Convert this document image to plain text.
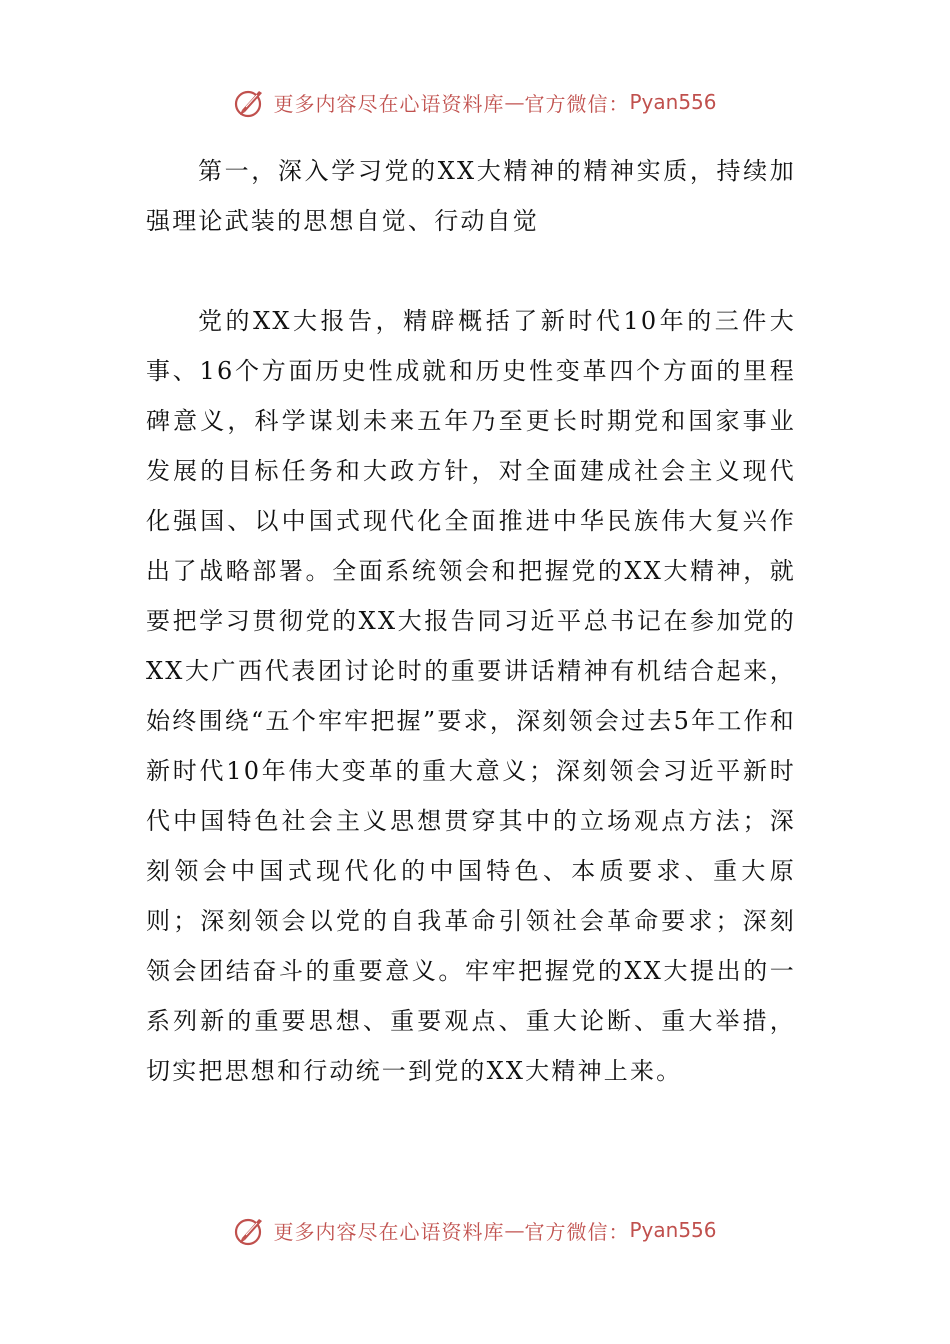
更多内容尽在心语资料库 — 官方微信： Pyan556

第一，深入学习党的XX大精神的精神实质，持续加强理论武装的思想自觉、行动自觉

党的XX大报告，精辟概括了新时代10年的三件大事、16个方面历史性成就和历史性变革四个方面的里程碑意义，科学谋划未来五年乃至更长时期党和国家事业发展的目标任务和大政方针，对全面建成社会主义现代化强国、以中国式现代化全面推进中华民族伟大复兴作出了战略部署。全面系统领会和把握党的XX大精神，就要把学习贯彻党的XX大报告同习近平总书记在参加党的XX大广西代表团讨论时的重要讲话精神有机结合起来，始终围绕“五个牢牢把握”要求，深刻领会过去5年工作和新时代10年伟大变革的重大意义；深刻领会习近平新时代中国特色社会主义思想贯穿其中的立场观点方法；深刻领会中国式现代化的中国特色、本质要求、重大原则；深刻领会以党的自我革命引领社会革命要求；深刻领会团结奋斗的重要意义。牢牢把握党的XX大提出的一系列新的重要思想、重要观点、重大论断、重大举措，切实把思想和行动统一到党的XX大精神上来。

更多内容尽在心语资料库 — 官方微信： Pyan556
